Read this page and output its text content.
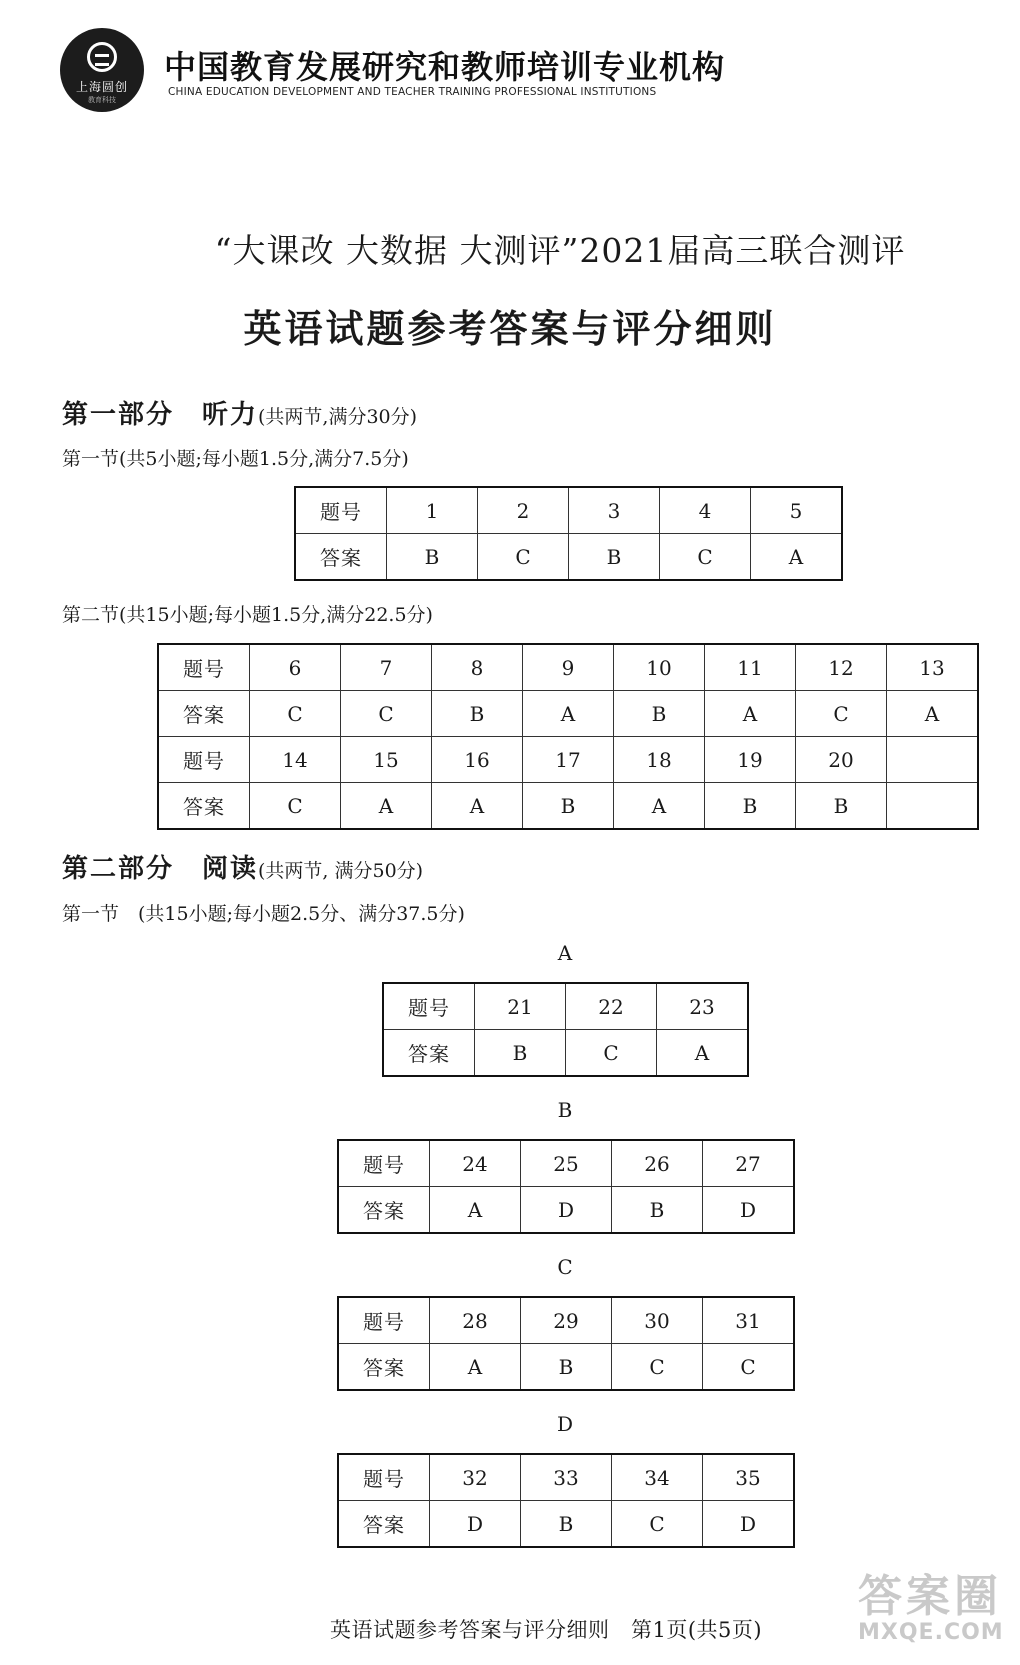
上海圆创
教育科技
中国教育发展研究和教师培训专业机构
CHINA EDUCATION DEVELOPMENT AND TEACHER TRAINING PROFESSIONAL INSTITUTIONS
“大课改 大数据 大测评”2021届高三联合测评
英语试题参考答案与评分细则
第一部分　听力(共两节,满分30分)
第一节(共5小题;每小题1.5分,满分7.5分)
题号	1	2	3	4	5
答案	B	C	B	C	A
第二节(共15小题;每小题1.5分,满分22.5分)
题号	6	7	8	9	10	11	12	13
答案	C	C	B	A	B	A	C	A
题号	14	15	16	17	18	19	20	
答案	C	A	A	B	A	B	B	
第二部分　阅读(共两节, 满分50分)
第一节　(共15小题;每小题2.5分、满分37.5分)
A
题号	21	22	23
答案	B	C	A
B
题号	24	25	26	27
答案	A	D	B	D
C
题号	28	29	30	31
答案	A	B	C	C
D
题号	32	33	34	35
答案	D	B	C	D
英语试题参考答案与评分细则　第1页(共5页)
答案圈
MXQE.COM
